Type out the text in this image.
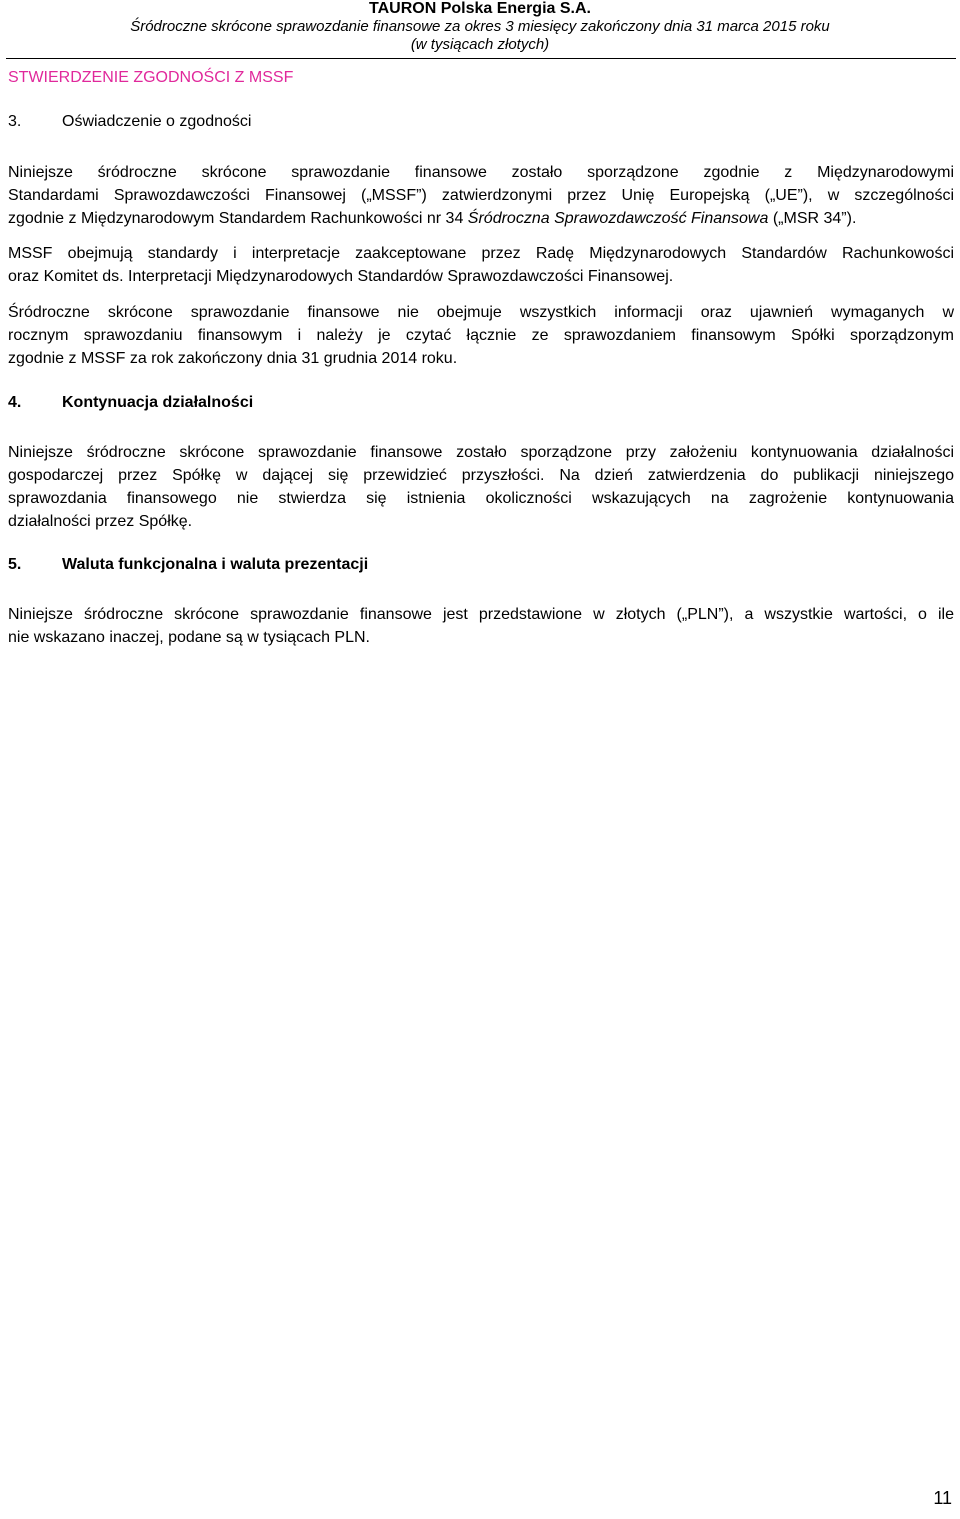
TAURON Polska Energia S.A.
Śródroczne skrócone sprawozdanie finansowe za okres 3 miesięcy zakończony dnia 31 marca 2015 roku
(w tysiącach złotych)
STWIERDZENIE ZGODNOŚCI Z MSSF
3.	Oświadczenie o zgodności
Niniejsze śródroczne skrócone sprawozdanie finansowe zostało sporządzone zgodnie z Międzynarodowymi
Standardami Sprawozdawczości Finansowej („MSSF”) zatwierdzonymi przez Unię Europejską („UE”), w szczególności
zgodnie z Międzynarodowym Standardem Rachunkowości nr 34 Śródroczna Sprawozdawczość Finansowa („MSR 34”).
MSSF obejmują standardy i interpretacje zaakceptowane przez Radę Międzynarodowych Standardów Rachunkowości
oraz Komitet ds. Interpretacji Międzynarodowych Standardów Sprawozdawczości Finansowej.
Śródroczne skrócone sprawozdanie finansowe nie obejmuje wszystkich informacji oraz ujawnień wymaganych w
rocznym sprawozdaniu finansowym i należy je czytać łącznie ze sprawozdaniem finansowym Spółki sporządzonym
zgodnie z MSSF za rok zakończony dnia 31 grudnia 2014 roku.
4.	Kontynuacja działalności
Niniejsze śródroczne skrócone sprawozdanie finansowe zostało sporządzone przy założeniu kontynuowania działalności
gospodarczej przez Spółkę w dającej się przewidzieć przyszłości. Na dzień zatwierdzenia do publikacji niniejszego
sprawozdania finansowego nie stwierdza się istnienia okoliczności wskazujących na zagrożenie kontynuowania
działalności przez Spółkę.
5.	Waluta funkcjonalna i waluta prezentacji
Niniejsze śródroczne skrócone sprawozdanie finansowe jest przedstawione w złotych („PLN”), a wszystkie wartości, o ile
nie wskazano inaczej, podane są w tysiącach PLN.
11
